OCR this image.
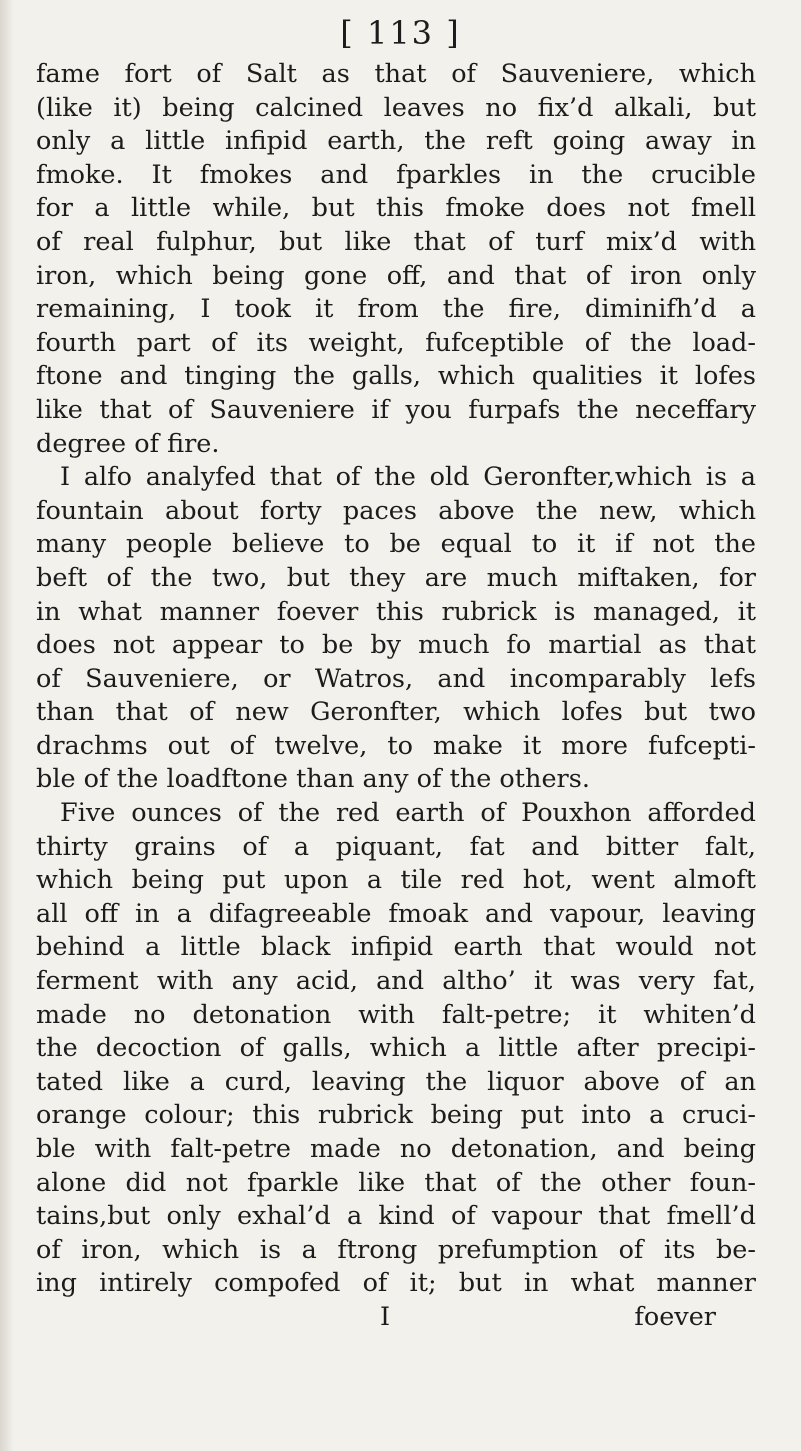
[ 113 ]
fame fort of Salt as that of Sauveniere, which
(like it) being calcined leaves no fix’d alkali, but
only a little infipid earth, the reft going away in
fmoke. It fmokes and fparkles in the crucible
for a little while, but this fmoke does not fmell
of real fulphur, but like that of turf mix’d with
iron, which being gone off, and that of iron only
remaining, I took it from the fire, diminifh’d a
fourth part of its weight, fufceptible of the load-
ftone and tinging the galls, which qualities it lofes
like that of Sauveniere if you furpafs the neceffary
degree of fire.
I alfo analyfed that of the old Geronfter,which is a
fountain about forty paces above the new, which
many people believe to be equal to it if not the
beft of the two, but they are much miftaken, for
in what manner foever this rubrick is managed, it
does not appear to be by much fo martial as that
of Sauveniere, or Watros, and incomparably lefs
than that of new Geronfter, which lofes but two
drachms out of twelve, to make it more fufcepti-
ble of the loadftone than any of the others.
Five ounces of the red earth of Pouxhon afforded
thirty grains of a piquant, fat and bitter falt,
which being put upon a tile red hot, went almoft
all off in a difagreeable fmoak and vapour, leaving
behind a little black infipid earth that would not
ferment with any acid, and altho’ it was very fat,
made no detonation with falt-petre; it whiten’d
the decoction of galls, which a little after precipi-
tated like a curd, leaving the liquor above of an
orange colour; this rubrick being put into a cruci-
ble with falt-petre made no detonation, and being
alone did not fparkle like that of the other foun-
tains,but only exhal’d a kind of vapour that fmell’d
of iron, which is a ftrong prefumption of its be-
ing intirely compofed of it; but in what manner
I	foever
